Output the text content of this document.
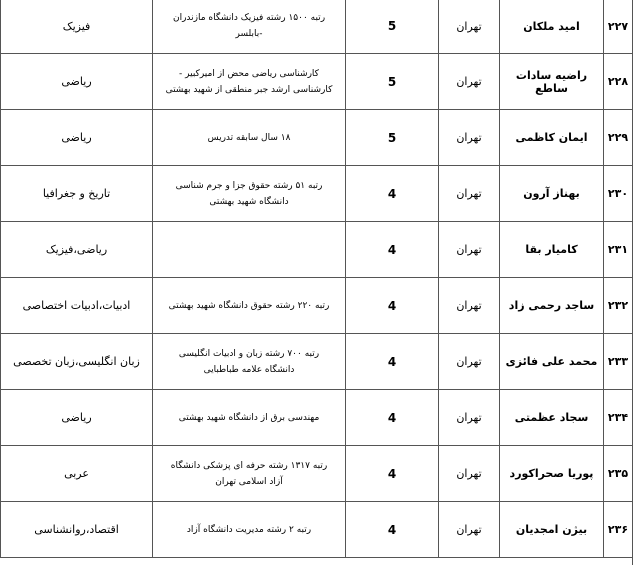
۲۲۷
امید ملکان
تهران
5
رتبه ۱۵۰۰ رشته فیزیک دانشگاه مازندران -بابلسر
فیزیک
۲۲۸
راضیه سادات ساطع
تهران
5
کارشناسی ریاضی محض از امیرکبیر - کارشناسی ارشد جبر منطقی از شهید بهشتی
ریاضی
۲۲۹
ایمان کاظمی
تهران
5
۱۸ سال سابقه تدریس
ریاضی
۲۳۰
بهناز آرون
تهران
4
رتبه ۵۱ رشته حقوق جزا و جرم شناسی دانشگاه شهید بهشتی
تاریخ و جغرافیا
۲۳۱
کامیار بقا
تهران
4
ریاضی،فیزیک
۲۳۲
ساجد رحمی زاد
تهران
4
رتبه ۲۲۰ رشته حقوق دانشگاه شهید بهشتی
ادبیات،ادبیات اختصاصی
۲۳۳
محمد علی فائزی
تهران
4
رتبه ۷۰۰ رشته زبان و ادبیات انگلیسی دانشگاه علامه طباطبایی
زبان انگلیسی،زبان تخصصی
۲۳۴
سجاد عظمتی
تهران
4
مهندسی برق از دانشگاه شهید بهشتی
ریاضی
۲۳۵
پوریا صحراکورد
تهران
4
رتبه ۱۳۱۷ رشته حرفه ای پزشکی دانشگاه آزاد اسلامی تهران
عربی
۲۳۶
بیژن امجدیان
تهران
4
رتبه ۲ رشته مدیریت دانشگاه آزاد
اقتصاد،روانشناسی
